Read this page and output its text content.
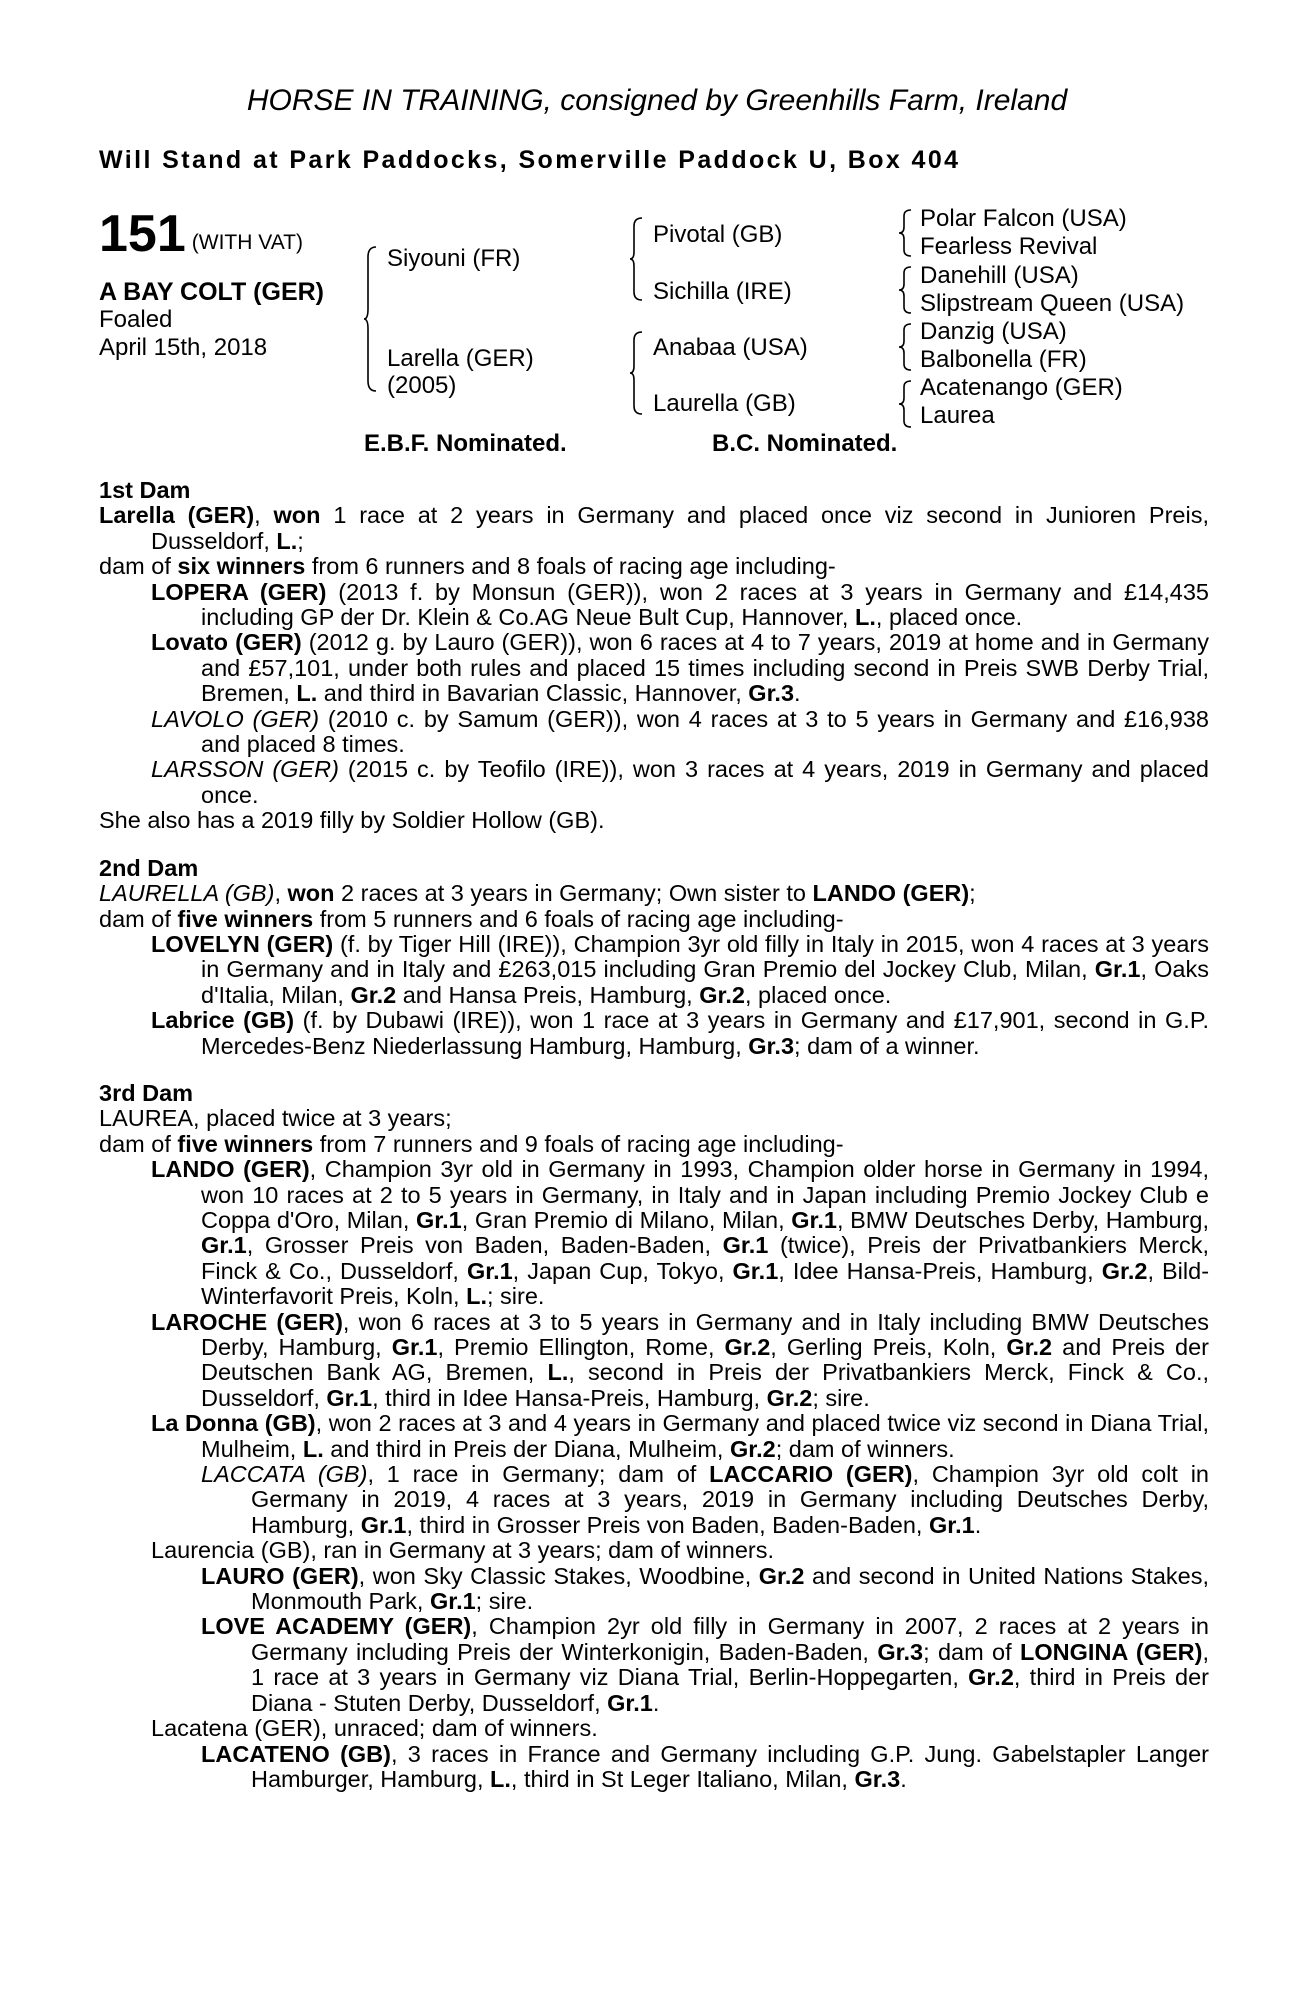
HORSE IN TRAINING, consigned by Greenhills Farm, Ireland
Will Stand at Park Paddocks, Somerville Paddock U, Box 404
151 (WITH VAT)
A BAY COLT (GER)
Foaled
April 15th, 2018
Siyouni (FR)
Larella (GER)
(2005)
Pivotal (GB)
Sichilla (IRE)
Anabaa (USA)
Laurella (GB)
Polar Falcon (USA)
Fearless Revival
Danehill (USA)
Slipstream Queen (USA)
Danzig (USA)
Balbonella (FR)
Acatenango (GER)
Laurea
E.B.F. Nominated.	B.C. Nominated.
1st Dam
Larella (GER), won 1 race at 2 years in Germany and placed once viz second in Junioren Preis, Dusseldorf, L.;
dam of six winners from 6 runners and 8 foals of racing age including-
LOPERA (GER) (2013 f. by Monsun (GER)), won 2 races at 3 years in Germany and £14,435 including GP der Dr. Klein & Co.AG Neue Bult Cup, Hannover, L., placed once.
Lovato (GER) (2012 g. by Lauro (GER)), won 6 races at 4 to 7 years, 2019 at home and in Germany and £57,101, under both rules and placed 15 times including second in Preis SWB Derby Trial, Bremen, L. and third in Bavarian Classic, Hannover, Gr.3.
LAVOLO (GER) (2010 c. by Samum (GER)), won 4 races at 3 to 5 years in Germany and £16,938 and placed 8 times.
LARSSON (GER) (2015 c. by Teofilo (IRE)), won 3 races at 4 years, 2019 in Germany and placed once.
She also has a 2019 filly by Soldier Hollow (GB).
2nd Dam
LAURELLA (GB), won 2 races at 3 years in Germany; Own sister to LANDO (GER);
dam of five winners from 5 runners and 6 foals of racing age including-
LOVELYN (GER) (f. by Tiger Hill (IRE)), Champion 3yr old filly in Italy in 2015, won 4 races at 3 years in Germany and in Italy and £263,015 including Gran Premio del Jockey Club, Milan, Gr.1, Oaks d'Italia, Milan, Gr.2 and Hansa Preis, Hamburg, Gr.2, placed once.
Labrice (GB) (f. by Dubawi (IRE)), won 1 race at 3 years in Germany and £17,901, second in G.P. Mercedes-Benz Niederlassung Hamburg, Hamburg, Gr.3; dam of a winner.
3rd Dam
LAUREA, placed twice at 3 years;
dam of five winners from 7 runners and 9 foals of racing age including-
LANDO (GER), Champion 3yr old in Germany in 1993, Champion older horse in Germany in 1994, won 10 races at 2 to 5 years in Germany, in Italy and in Japan including Premio Jockey Club e Coppa d'Oro, Milan, Gr.1, Gran Premio di Milano, Milan, Gr.1, BMW Deutsches Derby, Hamburg, Gr.1, Grosser Preis von Baden, Baden-Baden, Gr.1 (twice), Preis der Privatbankiers Merck, Finck & Co., Dusseldorf, Gr.1, Japan Cup, Tokyo, Gr.1, Idee Hansa-Preis, Hamburg, Gr.2, Bild-Winterfavorit Preis, Koln, L.; sire.
LAROCHE (GER), won 6 races at 3 to 5 years in Germany and in Italy including BMW Deutsches Derby, Hamburg, Gr.1, Premio Ellington, Rome, Gr.2, Gerling Preis, Koln, Gr.2 and Preis der Deutschen Bank AG, Bremen, L., second in Preis der Privatbankiers Merck, Finck & Co., Dusseldorf, Gr.1, third in Idee Hansa-Preis, Hamburg, Gr.2; sire.
La Donna (GB), won 2 races at 3 and 4 years in Germany and placed twice viz second in Diana Trial, Mulheim, L. and third in Preis der Diana, Mulheim, Gr.2; dam of winners.
LACCATA (GB), 1 race in Germany; dam of LACCARIO (GER), Champion 3yr old colt in Germany in 2019, 4 races at 3 years, 2019 in Germany including Deutsches Derby, Hamburg, Gr.1, third in Grosser Preis von Baden, Baden-Baden, Gr.1.
Laurencia (GB), ran in Germany at 3 years; dam of winners.
LAURO (GER), won Sky Classic Stakes, Woodbine, Gr.2 and second in United Nations Stakes, Monmouth Park, Gr.1; sire.
LOVE ACADEMY (GER), Champion 2yr old filly in Germany in 2007, 2 races at 2 years in Germany including Preis der Winterkonigin, Baden-Baden, Gr.3; dam of LONGINA (GER), 1 race at 3 years in Germany viz Diana Trial, Berlin-Hoppegarten, Gr.2, third in Preis der Diana - Stuten Derby, Dusseldorf, Gr.1.
Lacatena (GER), unraced; dam of winners.
LACATENO (GB), 3 races in France and Germany including G.P. Jung. Gabelstapler Langer Hamburger, Hamburg, L., third in St Leger Italiano, Milan, Gr.3.
